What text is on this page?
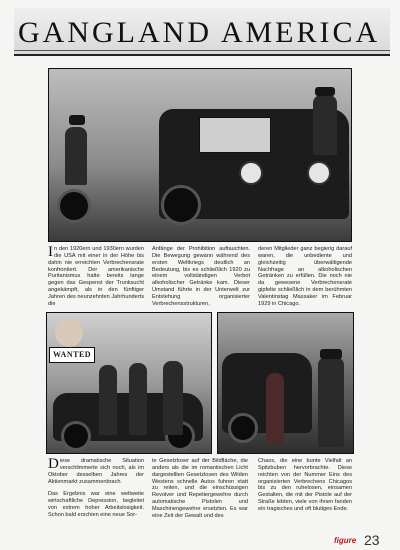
GANGLAND AMERICA
WANTED
In den 1920ern und 1930ern wurden die USA mit einer in der Höhe bis dahin nie erreichten Verbrechensrate konfrontiert. Der amerikanische Puritanismus hatte bereits lange gegen das Gespenst der Trunksucht angekämpft, als in den fünftiger Jahren des neunzehnten Jahrhunderts die
Anfänge der Prohibition auftauchten. Die Bewegung gewann während des ersten Weltkriegs deutlich an Bedeutung, bis es schließlich 1920 zu einem vollständigen Verbot alkoholischer Getränke kam. Dieser Umstand führte in der Unterwelt zur Entstehung organisierter Verbrechensstrukturen,
deren Mitglieder ganz begierig darauf waren, die unbediente und gleichzeitig überwältigende Nachfrage an alkoholischen Getränken zu erfüllen. Die noch nie da gewesene Verbrechensrate gipfelte schließlich in dem berühmten Valentinstag Massaker im Februar 1929 in Chicago.

Diese dramatische Situation verschlimmerte sich noch, als im Oktober desselben Jahres der Aktienmarkt zusammenbrach.

Das Ergebnis war eine weltweite wirtschaftliche Depression, begleitet von extrem hoher Arbeitslosigkeit. Schon bald erschien eine neue Sor-

te Gesetzloser auf der Bildfläche, die anders als die im romantischen Licht dargestellten Gesetzlosen des Wilden Westens schnelle Autos fuhren statt zu reiten, und die einschüssigen Revolver und Repetiergewehre durch automatische Pistolen und Maschinengewehre ersetzten. Es war eine Zeit der Gewalt und des
Chaos, die eine bunte Vielfalt an Spitzbuben hervorbrachte. Diese reichten von der Nummer Eins des organisierten Verbrechens Chicagos bis zu den ruhelosen, einsamen Gestalten, die mit der Pistole auf der Straße lebten, viele von ihnen fanden ein tragisches und oft blutiges Ende.
figure 23
